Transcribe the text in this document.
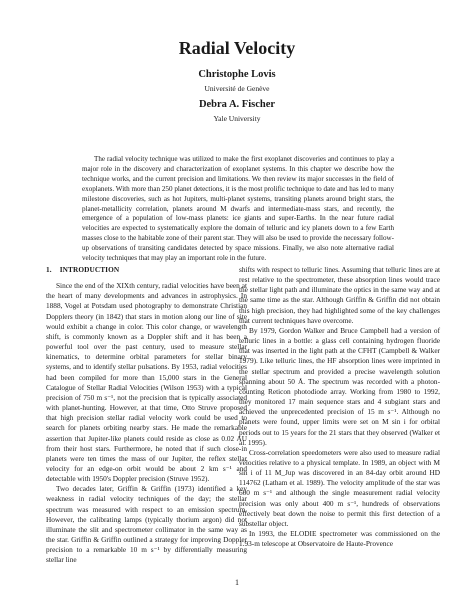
Radial Velocity
Christophe Lovis
Université de Genève
Debra A. Fischer
Yale University

The radial velocity technique was utilized to make the first exoplanet discoveries and continues to play a major role in the discovery and characterization of exoplanet systems. In this chapter we describe how the technique works, and the current precision and limitations. We then review its major successes in the field of exoplanets. With more than 250 planet detections, it is the most prolific technique to date and has led to many milestone discoveries, such as hot Jupiters, multi-planet systems, transiting planets around bright stars, the planet-metallicity correlation, planets around M dwarfs and intermediate-mass stars, and recently, the emergence of a population of low-mass planets: ice giants and super-Earths. In the near future radial velocities are expected to systematically explore the domain of telluric and icy planets down to a few Earth masses close to the habitable zone of their parent star. They will also be used to provide the necessary follow-up observations of transiting candidates detected by space missions. Finally, we also note alternative radial velocity techniques that may play an important role in the future.

1. INTRODUCTION

Since the end of the XIXth century, radial velocities have been at the heart of many developments and advances in astrophysics. In 1888, Vogel at Potsdam used photography to demonstrate Christian Dopplers theory (in 1842) that stars in motion along our line of site would exhibit a change in color. This color change, or wavelength shift, is commonly known as a Doppler shift and it has been a powerful tool over the past century, used to measure stellar kinematics, to determine orbital parameters for stellar binary systems, and to identify stellar pulsations. By 1953, radial velocities had been compiled for more than 15,000 stars in the General Catalogue of Stellar Radial Velocities (Wilson 1953) with a typical precision of 750 m s⁻¹, not the precision that is typically associated with planet-hunting. However, at that time, Otto Struve proposed that high precision stellar radial velocity work could be used to search for planets orbiting nearby stars. He made the remarkable assertion that Jupiter-like planets could reside as close as 0.02 AU from their host stars. Furthermore, he noted that if such close-in planets were ten times the mass of our Jupiter, the reflex stellar velocity for an edge-on orbit would be about 2 km s⁻¹ and detectable with 1950's Doppler precision (Struve 1952).

Two decades later, Griffin & Griffin (1973) identified a key weakness in radial velocity techniques of the day; the stellar spectrum was measured with respect to an emission spectrum. However, the calibrating lamps (typically thorium argon) did not illuminate the slit and spectrometer collimator in the same way as the star. Griffin & Griffin outlined a strategy for improving Doppler precision to a remarkable 10 m s⁻¹ by differentially measuring stellar line

shifts with respect to telluric lines. Assuming that telluric lines are at rest relative to the spectrometer, these absorption lines would trace the stellar light path and illuminate the optics in the same way and at the same time as the star. Although Griffin & Griffin did not obtain this high precision, they had highlighted some of the key challenges that current techniques have overcome.

By 1979, Gordon Walker and Bruce Campbell had a version of telluric lines in a bottle: a glass cell containing hydrogen fluoride that was inserted in the light path at the CFHT (Campbell & Walker 1979). Like telluric lines, the HF absorption lines were imprinted in the stellar spectrum and provided a precise wavelength solution spanning about 50 Å. The spectrum was recorded with a photon-counting Reticon photodiode array. Working from 1980 to 1992, they monitored 17 main sequence stars and 4 subgiant stars and achieved the unprecedented precision of 15 m s⁻¹. Although no planets were found, upper limits were set on M sin i for orbital periods out to 15 years for the 21 stars that they observed (Walker et al. 1995).

Cross-correlation speedometers were also used to measure radial velocities relative to a physical template. In 1989, an object with M sin i of 11 M_Jup was discovered in an 84-day orbit around HD 114762 (Latham et al. 1989). The velocity amplitude of the star was 600 m s⁻¹ and although the single measurement radial velocity precision was only about 400 m s⁻¹, hundreds of observations effectively beat down the noise to permit this first detection of a substellar object.

In 1993, the ELODIE spectrometer was commissioned on the 1.93-m telescope at Observatoire de Haute-Provence

1
